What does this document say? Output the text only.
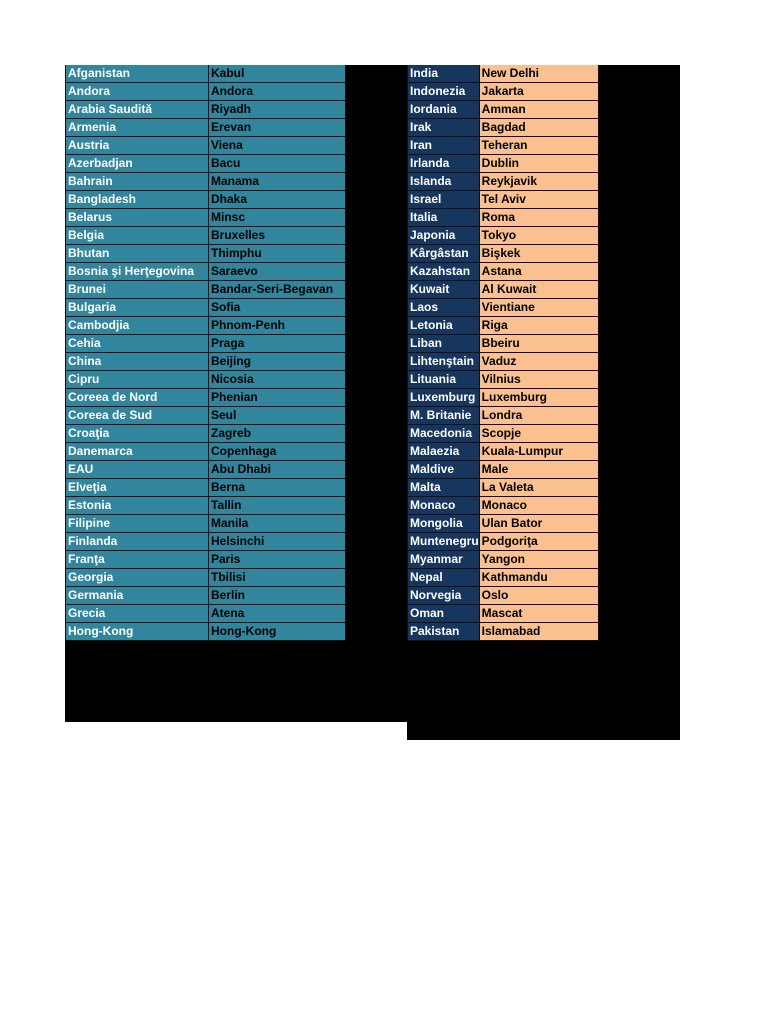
Afganistan	Kabul
Andora	Andora
Arabia Saudită	Riyadh
Armenia	Erevan
Austria	Viena
Azerbadjan	Bacu
Bahrain	Manama
Bangladesh	Dhaka
Belarus	Minsc
Belgia	Bruxelles
Bhutan	Thimphu
Bosnia şi Herţegovina	Saraevo
Brunei	Bandar-Seri-Begavan
Bulgaria	Sofia
Cambodjia	Phnom-Penh
Cehia	Praga
China	Beijing
Cipru	Nicosia
Coreea de Nord	Phenian
Coreea de Sud	Seul
Croaţia	Zagreb
Danemarca	Copenhaga
EAU	Abu Dhabi
Elveţia	Berna
Estonia	Tallin
Filipine	Manila
Finlanda	Helsinchi
Franţa	Paris
Georgia	Tbilisi
Germania	Berlin
Grecia	Atena
Hong-Kong	Hong-Kong
India	New Delhi
Indonezia	Jakarta
Iordania	Amman
Irak	Bagdad
Iran	Teheran
Irlanda	Dublin
Islanda	Reykjavik
Israel	Tel Aviv
Italia	Roma
Japonia	Tokyo
Kârgâstan	Bişkek
Kazahstan	Astana
Kuwait	Al Kuwait
Laos	Vientiane
Letonia	Riga
Liban	Bbeiru
Lihtenştain	Vaduz
Lituania	Vilnius
Luxemburg	Luxemburg
M. Britanie	Londra
Macedonia	Scopje
Malaezia	Kuala-Lumpur
Maldive	Male
Malta	La Valeta
Monaco	Monaco
Mongolia	Ulan Bator
Muntenegru	Podgoriţa
Myanmar	Yangon
Nepal	Kathmandu
Norvegia	Oslo
Oman	Mascat
Pakistan	Islamabad
